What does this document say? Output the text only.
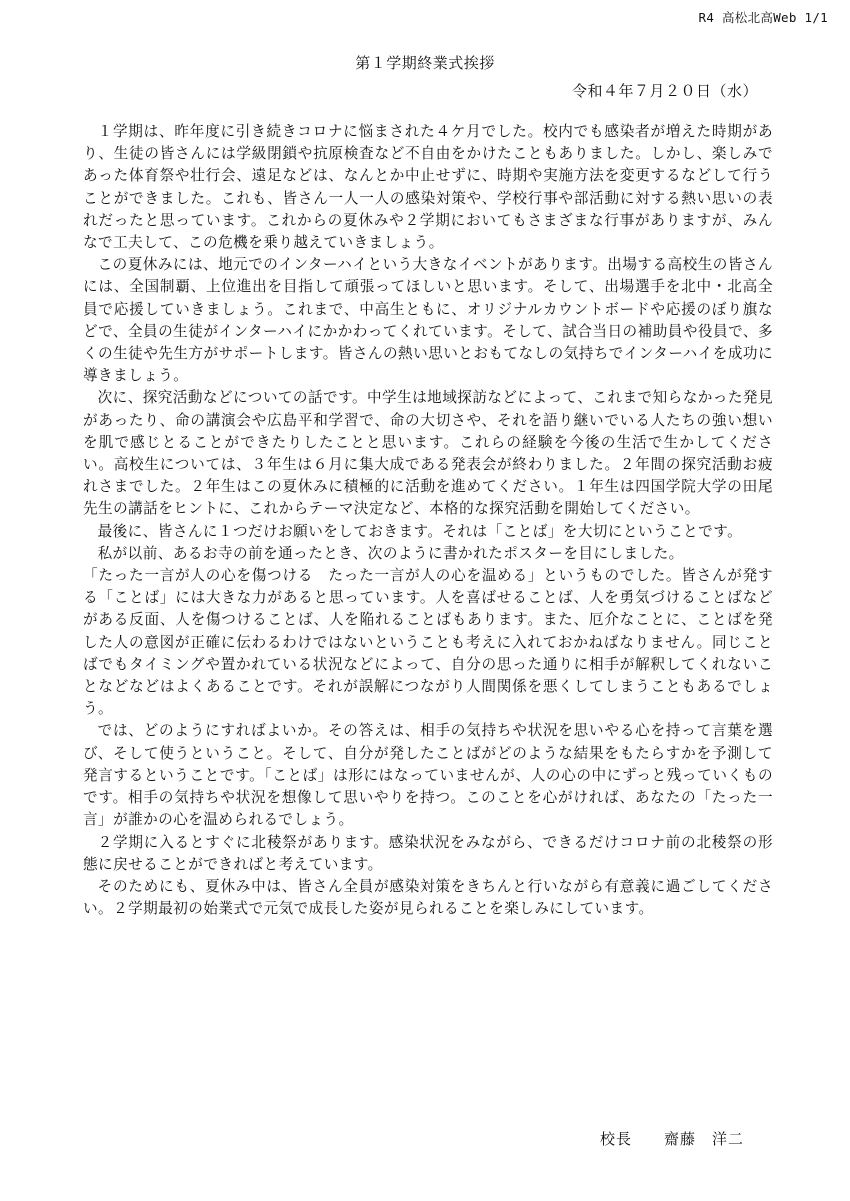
R4 高松北高Web 1/1
第１学期終業式挨拶
令和４年７月２０日（水）

１学期は、昨年度に引き続きコロナに悩まされた４ケ月でした。校内でも感染者が増えた時期があり、生徒の皆さんには学級閉鎖や抗原検査など不自由をかけたこともありました。しかし、楽しみであった体育祭や壮行会、遠足などは、なんとか中止せずに、時期や実施方法を変更するなどして行うことができました。これも、皆さん一人一人の感染対策や、学校行事や部活動に対する熱い思いの表れだったと思っています。これからの夏休みや２学期においてもさまざまな行事がありますが、みんなで工夫して、この危機を乗り越えていきましょう。

この夏休みには、地元でのインターハイという大きなイベントがあります。出場する高校生の皆さんには、全国制覇、上位進出を目指して頑張ってほしいと思います。そして、出場選手を北中・北高全員で応援していきましょう。これまで、中高生ともに、オリジナルカウントボードや応援のぼり旗などで、全員の生徒がインターハイにかかわってくれています。そして、試合当日の補助員や役員で、多くの生徒や先生方がサポートします。皆さんの熱い思いとおもてなしの気持ちでインターハイを成功に導きましょう。

次に、探究活動などについての話です。中学生は地域探訪などによって、これまで知らなかった発見があったり、命の講演会や広島平和学習で、命の大切さや、それを語り継いでいる人たちの強い想いを肌で感じとることができたりしたことと思います。これらの経験を今後の生活で生かしてください。高校生については、３年生は６月に集大成である発表会が終わりました。２年間の探究活動お疲れさまでした。２年生はこの夏休みに積極的に活動を進めてください。１年生は四国学院大学の田尾先生の講話をヒントに、これからテーマ決定など、本格的な探究活動を開始してください。

最後に、皆さんに１つだけお願いをしておきます。それは「ことば」を大切にということです。

私が以前、あるお寺の前を通ったとき、次のように書かれたポスターを目にしました。

「たった一言が人の心を傷つける　たった一言が人の心を温める」というものでした。皆さんが発する「ことば」には大きな力があると思っています。人を喜ばせることば、人を勇気づけることばなどがある反面、人を傷つけることば、人を陥れることばもあります。また、厄介なことに、ことばを発した人の意図が正確に伝わるわけではないということも考えに入れておかねばなりません。同じことばでもタイミングや置かれている状況などによって、自分の思った通りに相手が解釈してくれないことなどなどはよくあることです。それが誤解につながり人間関係を悪くしてしまうこともあるでしょう。

では、どのようにすればよいか。その答えは、相手の気持ちや状況を思いやる心を持って言葉を選び、そして使うということ。そして、自分が発したことばがどのような結果をもたらすかを予測して発言するということです。「ことば」は形にはなっていませんが、人の心の中にずっと残っていくものです。相手の気持ちや状況を想像して思いやりを持つ。このことを心がければ、あなたの「たった一言」が誰かの心を温められるでしょう。

２学期に入るとすぐに北稜祭があります。感染状況をみながら、できるだけコロナ前の北稜祭の形態に戻せることができればと考えています。

そのためにも、夏休み中は、皆さん全員が感染対策をきちんと行いながら有意義に過ごしてください。２学期最初の始業式で元気で成長した姿が見られることを楽しみにしています。

校長　　齋藤　洋二
